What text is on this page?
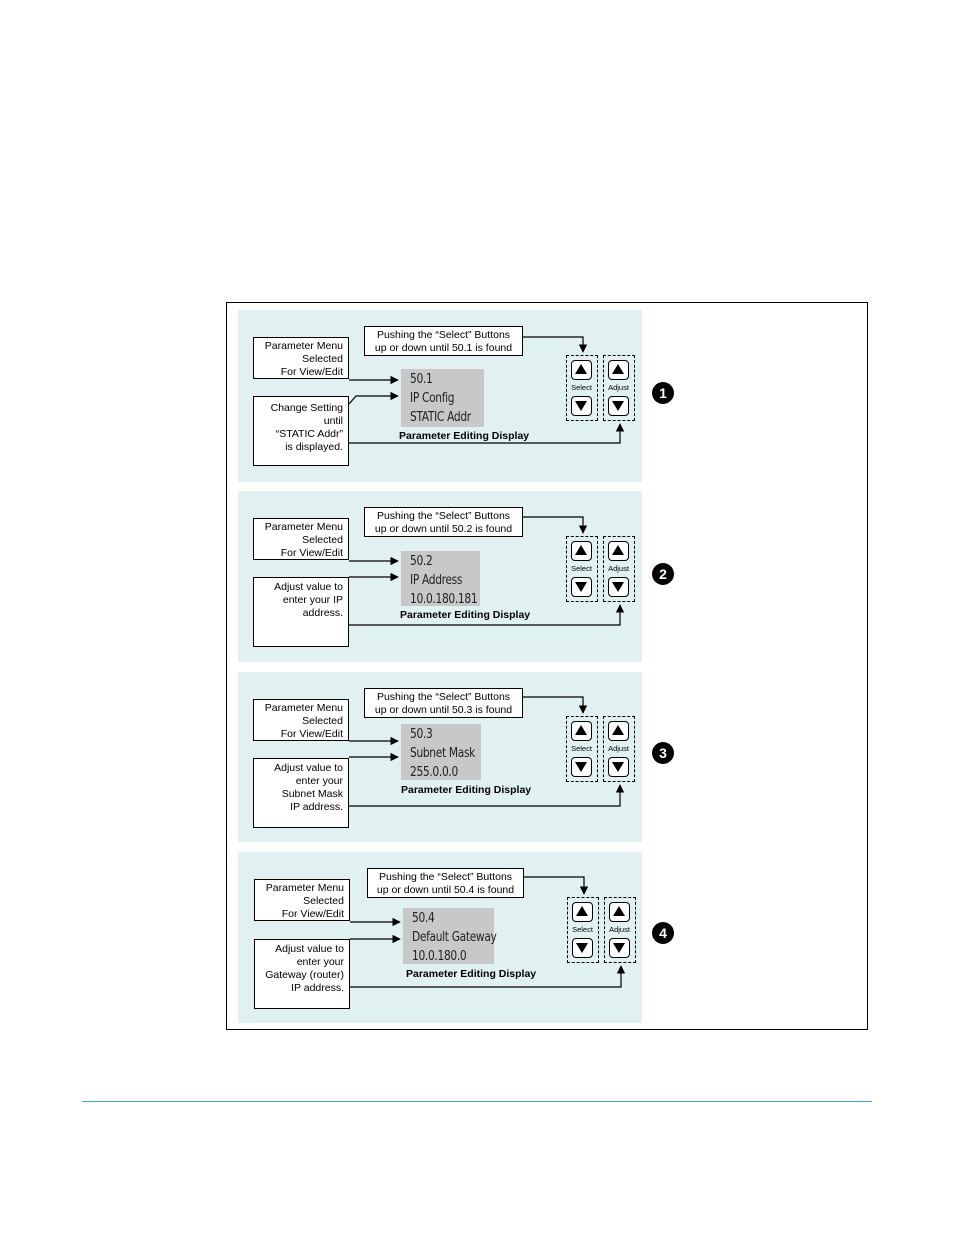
Pushing the “Select” Buttons
up or down until 50.1 is found
Parameter Menu
Selected
For View/Edit
Change Setting
until
“STATIC Addr”
is displayed.
50.1
IP Config
STATIC Addr
Parameter Editing Display
Select	Adjust	1
Pushing the “Select” Buttons
up or down until 50.2 is found
Parameter Menu
Selected
For View/Edit
Adjust value to
enter your IP
address.
50.2
IP Address
10.0.180.181
Parameter Editing Display
Select	Adjust	2
Pushing the “Select” Buttons
up or down until 50.3 is found
Parameter Menu
Selected
For View/Edit
Adjust value to
enter your
Subnet Mask
IP address.
50.3
Subnet Mask
255.0.0.0
Parameter Editing Display
Select	Adjust	3
Pushing the “Select” Buttons
up or down until 50.4 is found
Parameter Menu
Selected
For View/Edit
Adjust value to
enter your
Gateway (router)
IP address.
50.4
Default Gateway
10.0.180.0
Parameter Editing Display
Select	Adjust	4
